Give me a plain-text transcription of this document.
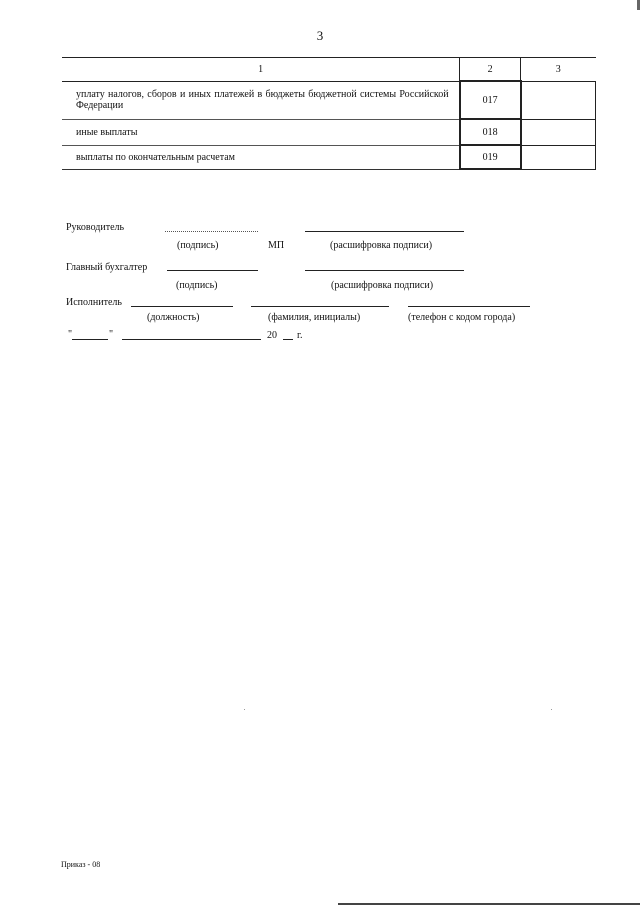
3
1	2	3
уплату налогов, сборов и иных платежей в бюджеты бюджетной системы Российской Федерации	017	
иные выплаты	018	
выплаты по окончательным расчетам	019	
Руководитель
(подпись)	МП	(расшифровка подписи)
Главный бухгалтер
(подпись)	(расшифровка подписи)
Исполнитель
(должность)	(фамилия, инициалы)	(телефон с кодом города)
"	"	20 г.
Приказ - 08
